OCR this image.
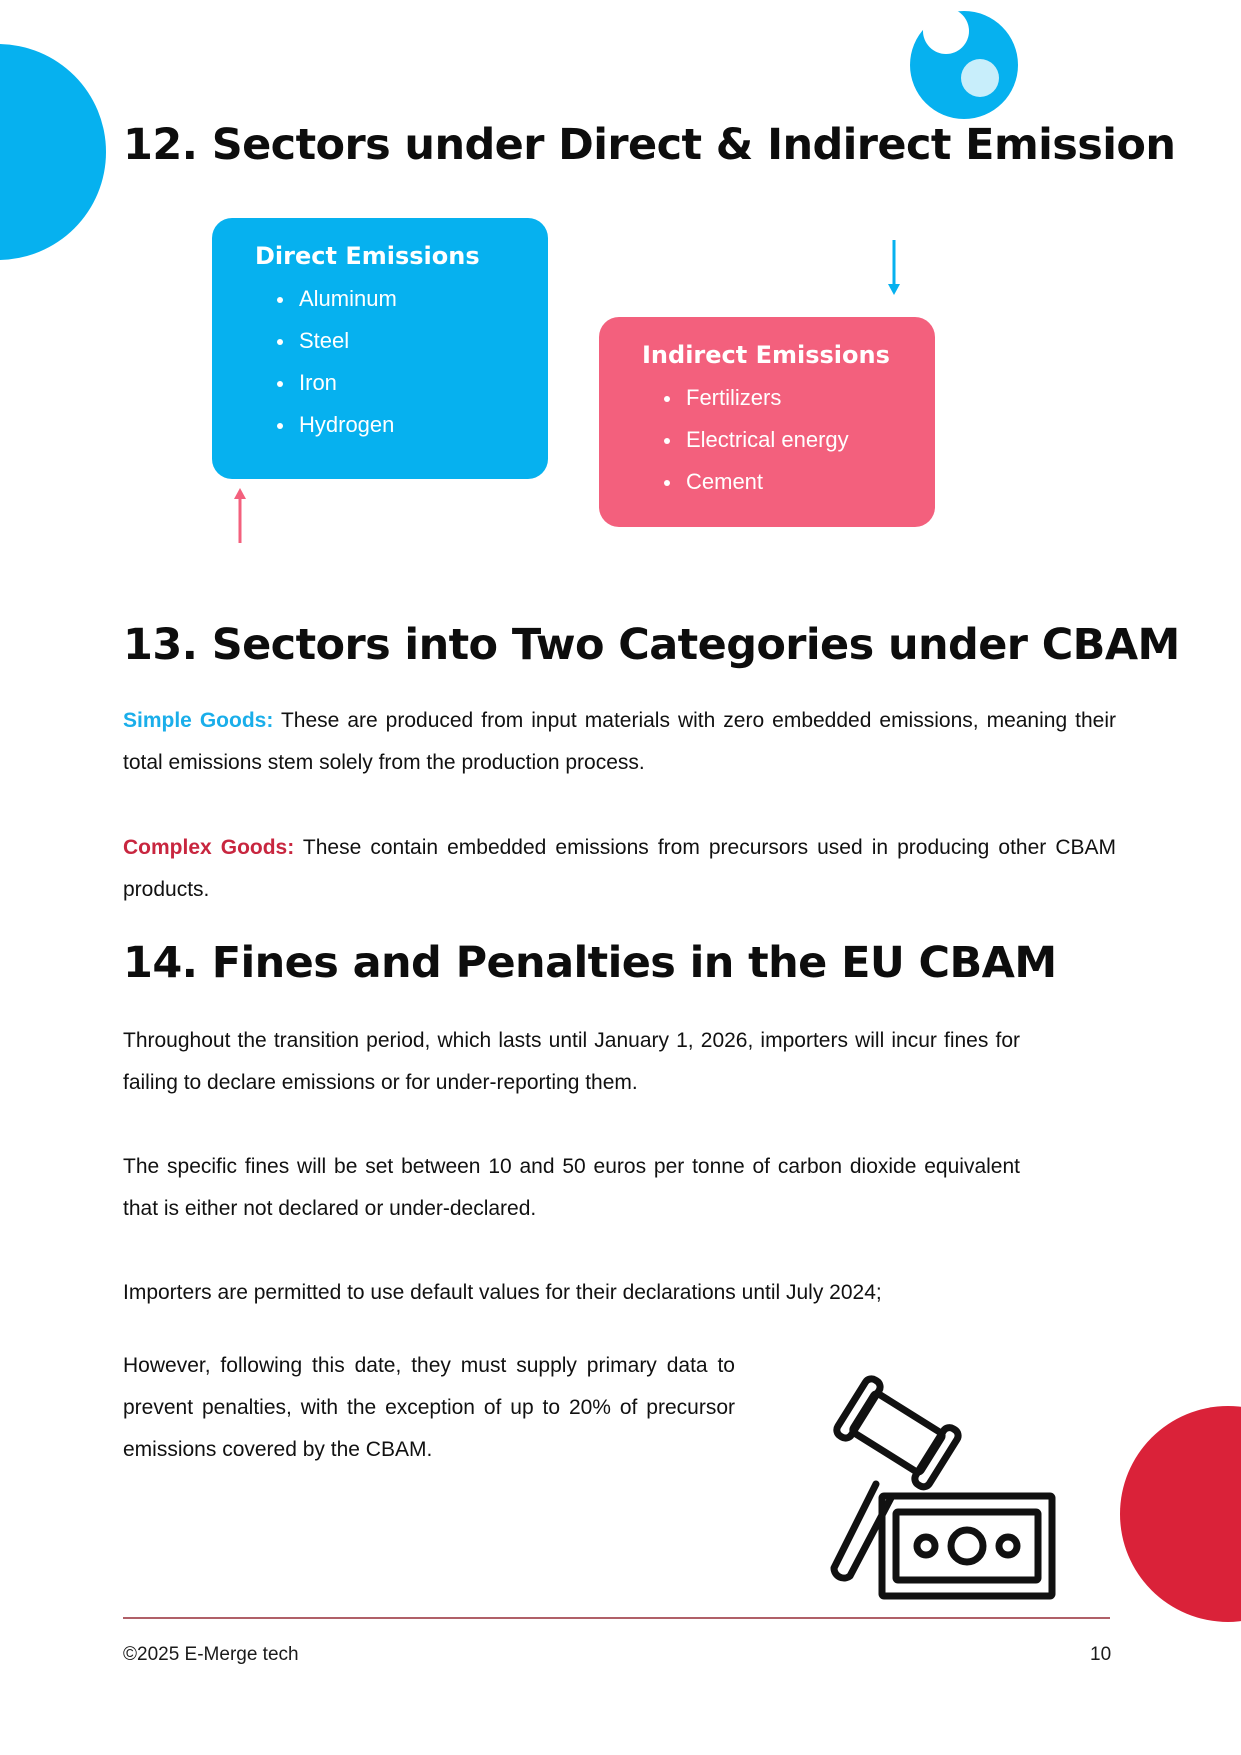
12. Sectors under Direct & Indirect Emission

Direct Emissions

Aluminum
Steel
Iron
Hydrogen

Indirect Emissions

Fertilizers
Electrical energy
Cement
13. Sectors into Two Categories under CBAM

Simple Goods: These are produced from input materials with zero embedded emissions, meaning their total emissions stem solely from the production process.

Complex Goods: These contain embedded emissions from precursors used in producing other CBAM products.

14. Fines and Penalties in the EU CBAM

Throughout the transition period, which lasts until January 1, 2026, importers will incur fines for failing to declare emissions or for under-reporting them.

The specific fines will be set between 10 and 50 euros per tonne of carbon dioxide equivalent that is either not declared or under-declared.

Importers are permitted to use default values for their declarations until July 2024;

However, following this date, they must supply primary data to prevent penalties, with the exception of up to 20% of precursor emissions covered by the CBAM.

©2025 E-Merge tech	10
